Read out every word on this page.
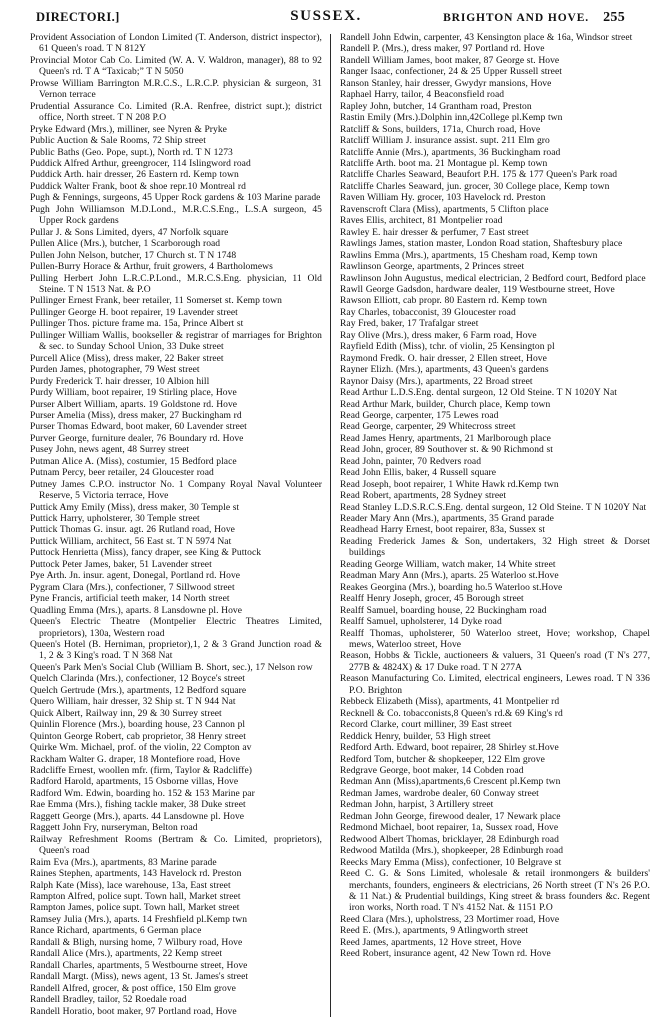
DIRECTORI.]	BRIGHTON AND HOVE. 255
SUSSEX.

Provident Association of London Limited (T. Anderson, district inspector), 61 Queen's road. T N 812Y

Provincial Motor Cab Co. Limited (W. A. V. Waldron, manager), 88 to 92 Queen's rd. T A “Taxicab;” T N 5050

Prowse William Barrington M.R.C.S., L.R.C.P. physician & surgeon, 31 Vernon terrace

Prudential Assurance Co. Limited (R.A. Renfree, district supt.); district office, North street. T N 208 P.O

Pryke Edward (Mrs.), milliner, see Nyren & Pryke

Public Auction & Sale Rooms, 72 Ship street

Public Baths (Geo. Pope, supt.), North rd. T N 1273

Puddick Alfred Arthur, greengrocer, 114 Islingword road

Puddick Arth. hair dresser, 26 Eastern rd. Kemp town

Puddick Walter Frank, boot & shoe repr.10 Montreal rd

Pugh & Fennings, surgeons, 45 Upper Rock gardens & 103 Marine parade

Pugh John Williamson M.D.Lond., M.R.C.S.Eng., L.S.A surgeon, 45 Upper Rock gardens

Pullar J. & Sons Limited, dyers, 47 Norfolk square

Pullen Alice (Mrs.), butcher, 1 Scarborough road

Pullen John Nelson, butcher, 17 Church st. T N 1748

Pullen-Burry Horace & Arthur, fruit growers, 4 Bartholomews

Pulling Herbert John L.R.C.P.Lond., M.R.C.S.Eng. physician, 11 Old Steine. T N 1513 Nat. & P.O

Pullinger Ernest Frank, beer retailer, 11 Somerset st. Kemp town

Pullinger George H. boot repairer, 19 Lavender street

Pullinger Thos. picture frame ma. 15a, Prince Albert st

Pullinger William Wallis, bookseller & registrar of marriages for Brighton & sec. to Sunday School Union, 33 Duke street

Purcell Alice (Miss), dress maker, 22 Baker street

Purden James, photographer, 79 West street

Purdy Frederick T. hair dresser, 10 Albion hill

Purdy William, boot repairer, 19 Stirling place, Hove

Purser Albert William, aparts. 19 Goldstone rd. Hove

Purser Amelia (Miss), dress maker, 27 Buckingham rd

Purser Thomas Edward, boot maker, 60 Lavender street

Purver George, furniture dealer, 76 Boundary rd. Hove

Pusey John, news agent, 48 Surrey street

Putman Alice A. (Miss), costumier, 15 Bedford place

Putnam Percy, beer retailer, 24 Gloucester road

Putney James C.P.O. instructor No. 1 Company Royal Naval Volunteer Reserve, 5 Victoria terrace, Hove

Puttick Amy Emily (Miss), dress maker, 30 Temple st

Puttick Harry, upholsterer, 30 Temple street

Puttick Thomas G. insur. agt. 26 Rutland road, Hove

Puttick William, architect, 56 East st. T N 5974 Nat

Puttock Henrietta (Miss), fancy draper, see King & Puttock

Puttock Peter James, baker, 51 Lavender street

Pye Arth. Jn. insur. agent, Donegal, Portland rd. Hove

Pygram Clara (Mrs.), confectioner, 7 Sillwood street

Pyne Francis, artificial teeth maker, 14 North street

Quadling Emma (Mrs.), aparts. 8 Lansdowne pl. Hove

Queen's Electric Theatre (Montpelier Electric Theatres Limited, proprietors), 130a, Western road

Queen's Hotel (B. Herniman, proprietor),1, 2 & 3 Grand Junction road & 1, 2 & 3 King's road. T N 368 Nat

Queen's Park Men's Social Club (William B. Short, sec.), 17 Nelson row

Quelch Clarinda (Mrs.), confectioner, 12 Boyce's street

Quelch Gertrude (Mrs.), apartments, 12 Bedford square

Quero William, hair dresser, 32 Ship st. T N 944 Nat

Quick Albert, Railway inn, 29 & 30 Surrey street

Quinlin Florence (Mrs.), boarding house, 23 Cannon pl

Quinton George Robert, cab proprietor, 38 Henry street

Quirke Wm. Michael, prof. of the violin, 22 Compton av

Rackham Walter G. draper, 18 Montefiore road, Hove

Radcliffe Ernest, woollen mfr. (firm, Taylor & Radcliffe)

Radford Harold, apartments, 15 Osborne villas, Hove

Radford Wm. Edwin, boarding ho. 152 & 153 Marine par

Rae Emma (Mrs.), fishing tackle maker, 38 Duke street

Raggett George (Mrs.), aparts. 44 Lansdowne pl. Hove

Raggett John Fry, nurseryman, Belton road

Railway Refreshment Rooms (Bertram & Co. Limited, proprietors), Queen's road

Raim Eva (Mrs.), apartments, 83 Marine parade

Raines Stephen, apartments, 143 Havelock rd. Preston

Ralph Kate (Miss), lace warehouse, 13a, East street

Rampton Alfred, police supt. Town hall, Market street

Rampton James, police supt. Town hall, Market street

Ramsey Julia (Mrs.), aparts. 14 Freshfield pl.Kemp twn

Rance Richard, apartments, 6 German place

Randall & Bligh, nursing home, 7 Wilbury road, Hove

Randall Alice (Mrs.), apartments, 22 Kemp street

Randall Charles, apartments, 5 Westbourne street, Hove

Randall Margt. (Miss), news agent, 13 St. James's street

Randell Alfred, grocer, & post office, 150 Elm grove

Randell Bradley, tailor, 52 Roedale road

Randell Horatio, boot maker, 97 Portland road, Hove

Randell John Edwin, carpenter, 43 Kensington place & 16a, Windsor street

Randell P. (Mrs.), dress maker, 97 Portland rd. Hove

Randell William James, boot maker, 87 George st. Hove

Ranger Isaac, confectioner, 24 & 25 Upper Russell street

Ranson Stanley, hair dresser, Gwydyr mansions, Hove

Raphael Harry, tailor, 4 Beaconsfield road

Rapley John, butcher, 14 Grantham road, Preston

Rastin Emily (Mrs.).Dolphin inn,42College pl.Kemp twn

Ratcliff & Sons, builders, 171a, Church road, Hove

Ratcliff William J. insurance assist. supt. 211 Elm gro

Ratcliffe Annie (Mrs.), apartments, 36 Buckingham road

Ratcliffe Arth. boot ma. 21 Montague pl. Kemp town

Ratcliffe Charles Seaward, Beaufort P.H. 175 & 177 Queen's Park road

Ratcliffe Charles Seaward, jun. grocer, 30 College place, Kemp town

Raven William Hy. grocer, 103 Havelock rd. Preston

Ravenscroft Clara (Miss), apartments, 5 Clifton place

Raves Ellis, architect, 81 Montpelier road

Rawley E. hair dresser & perfumer, 7 East street

Rawlings James, station master, London Road station, Shaftesbury place

Rawlins Emma (Mrs.), apartments, 15 Chesham road, Kemp town

Rawlinson George, apartments, 2 Princes street

Rawlinson John Augustus, medical electrician, 2 Bedford court, Bedford place

Rawll George Gadsdon, hardware dealer, 119 Westbourne street, Hove

Rawson Elliott, cab propr. 80 Eastern rd. Kemp town

Ray Charles, tobacconist, 39 Gloucester road

Ray Fred, baker, 17 Trafalgar street

Ray Olive (Mrs.), dress maker, 6 Farm road, Hove

Rayfield Edith (Miss), tchr. of violin, 25 Kensington pl

Raymond Fredk. O. hair dresser, 2 Ellen street, Hove

Rayner Elizh. (Mrs.), apartments, 43 Queen's gardens

Raynor Daisy (Mrs.), apartments, 22 Broad street

Read Arthur L.D.S.Eng. dental surgeon, 12 Old Steine. T N 1020Y Nat

Read Arthur Mark, builder, Church place, Kemp town

Read George, carpenter, 175 Lewes road

Read George, carpenter, 29 Whitecross street

Read James Henry, apartments, 21 Marlborough place

Read John, grocer, 89 Southover st. & 90 Richmond st

Read John, painter, 70 Redvers road

Read John Ellis, baker, 4 Russell square

Read Joseph, boot repairer, 1 White Hawk rd.Kemp twn

Read Robert, apartments, 28 Sydney street

Read Stanley L.D.S.R.C.S.Eng. dental surgeon, 12 Old Steine. T N 1020Y Nat

Reader Mary Ann (Mrs.), apartments, 35 Grand parade

Readhead Harry Ernest, boot repairer, 83a, Sussex st

Reading Frederick James & Son, undertakers, 32 High street & Dorset buildings

Reading George William, watch maker, 14 White street

Readman Mary Ann (Mrs.), aparts. 25 Waterloo st.Hove

Reakes Georgina (Mrs.), boarding ho.5 Waterloo st.Hove

Realff Henry Joseph, grocer, 45 Borough street

Realff Samuel, boarding house, 22 Buckingham road

Realff Samuel, upholsterer, 14 Dyke road

Realff Thomas, upholsterer, 50 Waterloo street, Hove; workshop, Chapel mews, Waterloo street, Hove

Reason, Hobbs & Tickle, auctioneers & valuers, 31 Queen's road (T N's 277, 277B & 4824X) & 17 Duke road. T N 277A

Reason Manufacturing Co. Limited, electrical engineers, Lewes road. T N 336 P.O. Brighton

Rebbeck Elizabeth (Miss), apartments, 41 Montpelier rd

Recknell & Co. tobacconists,8 Queen's rd.& 69 King's rd

Record Clarke, court milliner, 39 East street

Reddick Henry, builder, 53 High street

Redford Arth. Edward, boot repairer, 28 Shirley st.Hove

Redford Tom, butcher & shopkeeper, 122 Elm grove

Redgrave George, boot maker, 14 Cobden road

Redman Ann (Miss),apartments,6 Crescent pl.Kemp twn

Redman James, wardrobe dealer, 60 Conway street

Redman John, harpist, 3 Artillery street

Redman John George, firewood dealer, 17 Newark place

Redmond Michael, boot repairer, 1a, Sussex road, Hove

Redwood Albert Thomas, bricklayer, 28 Edinburgh road

Redwood Matilda (Mrs.), shopkeeper, 28 Edinburgh road

Reecks Mary Emma (Miss), confectioner, 10 Belgrave st

Reed C. G. & Sons Limited, wholesale & retail ironmongers & builders' merchants, founders, engineers & electricians, 26 North street (T N's 26 P.O. & 11 Nat.) & Prudential buildings, King street & brass founders &c. Regent iron works, North road. T N's 4152 Nat. & 1151 P.O

Reed Clara (Mrs.), upholstress, 23 Mortimer road, Hove

Reed E. (Mrs.), apartments, 9 Atlingworth street

Reed James, apartments, 12 Hove street, Hove

Reed Robert, insurance agent, 42 New Town rd. Hove
